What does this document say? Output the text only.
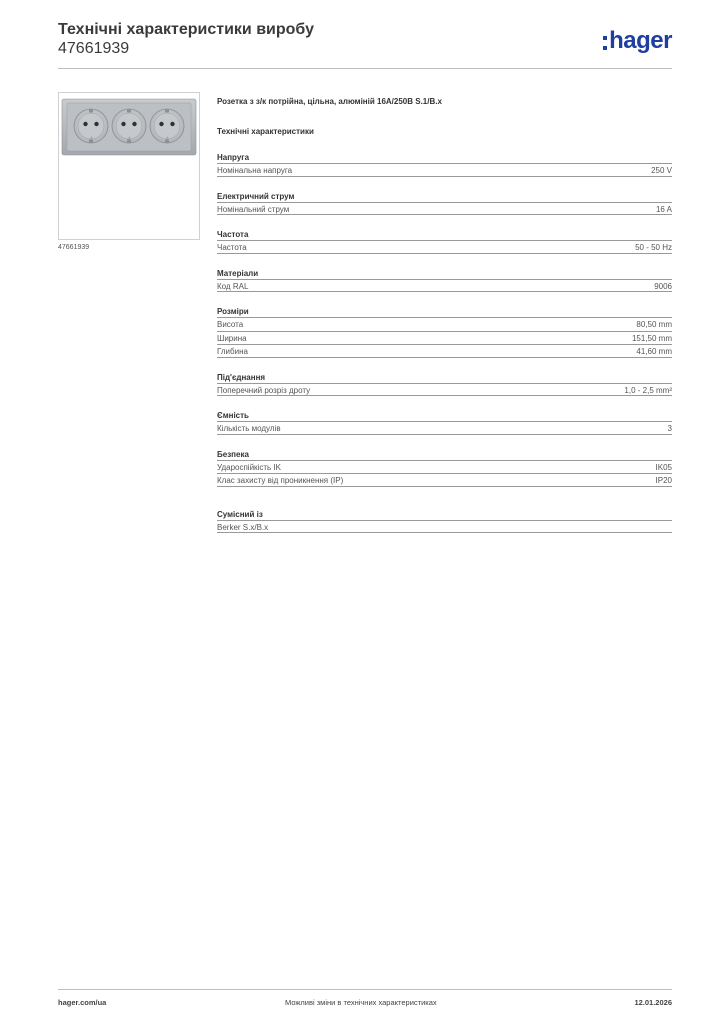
Технічні характеристики виробу
47661939	hager
⏚	⏚	⏚
47661939
Розетка з з/к потрійна, цільна, алюміній 16A/250B S.1/B.x
Технічні характеристики
Напруга
Номінальна напруга	250 V
Електричний струм
Номінальний струм	16 A
Частота
Частота	50 - 50 Hz
Матеріали
Код RAL	9006
Розміри
Висота	80,50 mm
Ширина	151,50 mm
Глибина	41,60 mm
Під'єднання
Поперечний розріз дроту	1,0 - 2,5 mm²
Ємність
Кількість модулів	3
Безпека
Удароспійкість IK	IK05
Клас захисту від проникнення (IP)	IP20
Сумісний із
Berker S.x/B.x
hager.com/ua	Можливі зміни в технічних характеристиках	12.01.2026
